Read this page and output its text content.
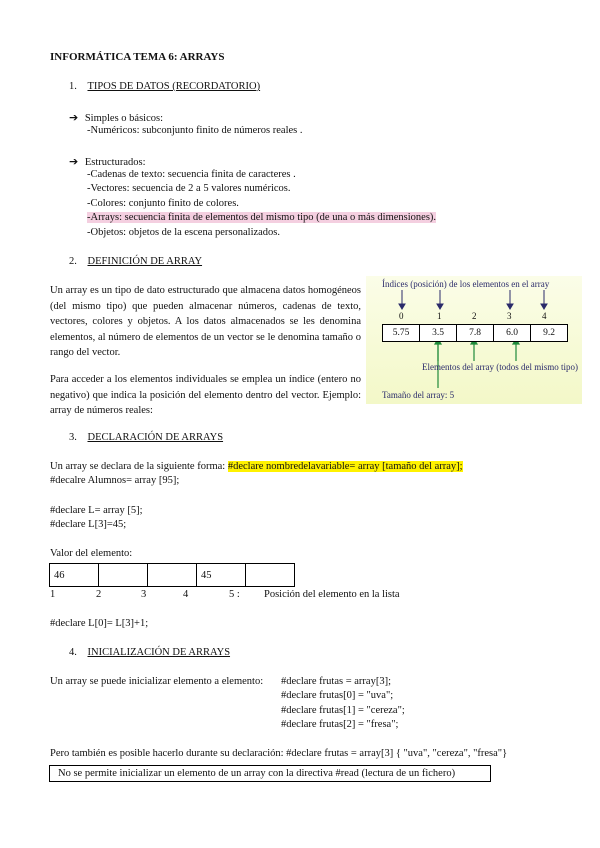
INFORMÁTICA TEMA 6: ARRAYS
1. TIPOS DE DATOS (RECORDATORIO)
➔ Simples o básicos:
-Numéricos: subconjunto finito de números reales .
➔ Estructurados:
-Cadenas de texto: secuencia finita de caracteres .
-Vectores: secuencia de 2 a 5 valores numéricos.
-Colores: conjunto finito de colores.
-Arrays: secuencia finita de elementos del mismo tipo (de una o más dimensiones).
-Objetos: objetos de la escena personalizados.
2. DEFINICIÓN DE ARRAY
Un array es un tipo de dato estructurado que almacena datos homogéneos (del mismo tipo) que pueden almacenar números, cadenas de texto, vectores, colores y objetos. A los datos almacenados se les denomina elementos, al número de elementos de un vector se le denomina tamaño o rango del vector.
Para acceder a los elementos individuales se emplea un índice (entero no negativo) que indica la posición del elemento dentro del vector. Ejemplo: array de números reales:
Índices (posición) de los elementos en el array
0	1	2	3	4
5.75	3.5	7.8	6.0	9.2
Elementos del array (todos del mismo tipo)
Tamaño del array: 5
3. DECLARACIÓN DE ARRAYS
Un array se declara de la siguiente forma: #declare nombredelavariable= array [tamaño del array];
#decalre Alumnos= array [95];
#declare L= array [5];
#declare L[3]=45;
Valor del elemento:
46			45	
1	2	3	4	5 : Posición del elemento en la lista
#declare L[0]= L[3]+1;
4. INICIALIZACIÓN DE ARRAYS
Un array se puede inicializar elemento a elemento: #declare frutas = array[3];
#declare frutas[0] = "uva";
#declare frutas[1] = "cereza";
#declare frutas[2] = "fresa";
Pero también es posible hacerlo durante su declaración: #declare frutas = array[3] { "uva", "cereza", "fresa"}
No se permite inicializar un elemento de un array con la directiva #read (lectura de un fichero)
